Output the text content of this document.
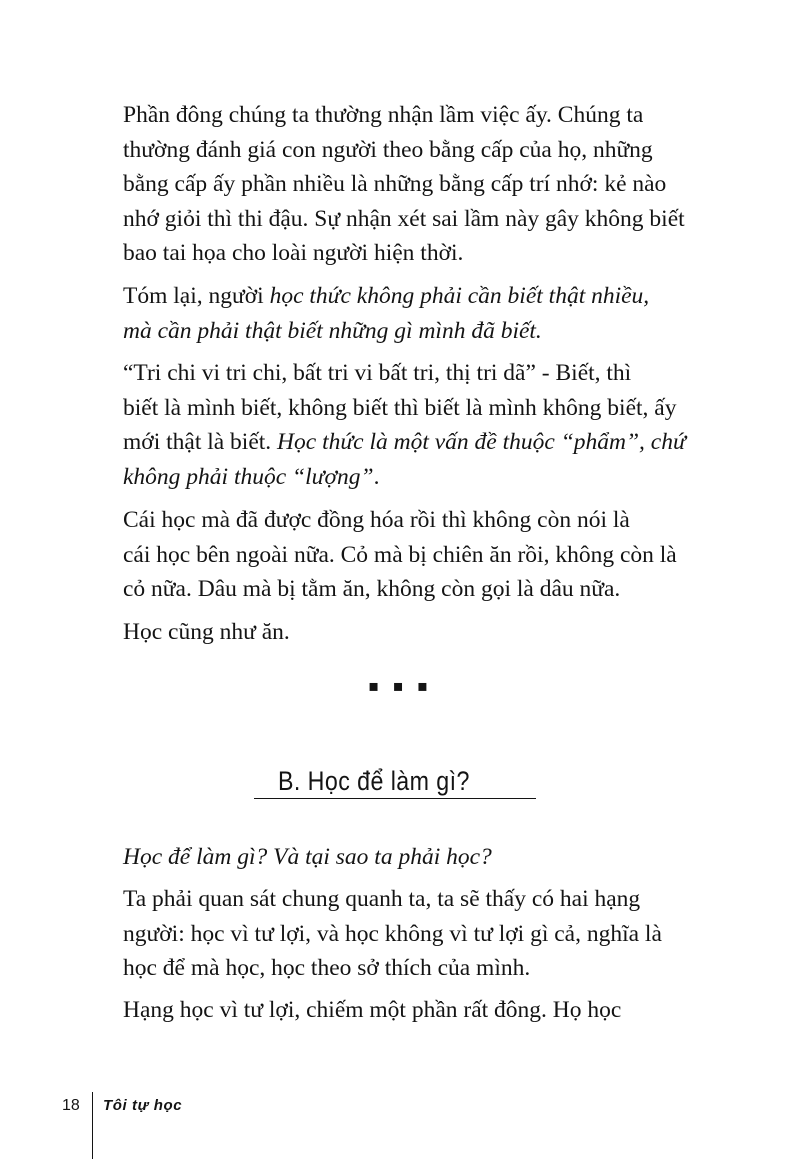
Phần đông chúng ta thường nhận lầm việc ấy. Chúng ta
thường đánh giá con người theo bằng cấp của họ, những
bằng cấp ấy phần nhiều là những bằng cấp trí nhớ: kẻ nào
nhớ giỏi thì thi đậu. Sự nhận xét sai lầm này gây không biết
bao tai họa cho loài người hiện thời.

Tóm lại, người học thức không phải cần biết thật nhiều,
mà cần phải thật biết những gì mình đã biết.

“Tri chi vi tri chi, bất tri vi bất tri, thị tri dã” - Biết, thì
biết là mình biết, không biết thì biết là mình không biết, ấy
mới thật là biết. Học thức là một vấn đề thuộc “phẩm”, chứ
không phải thuộc “lượng”.

Cái học mà đã được đồng hóa rồi thì không còn nói là
cái học bên ngoài nữa. Cỏ mà bị chiên ăn rồi, không còn là
cỏ nữa. Dâu mà bị tằm ăn, không còn gọi là dâu nữa.

Học cũng như ăn.

▪ ▪ ▪
B. Học để làm gì?

Học để làm gì? Và tại sao ta phải học?

Ta phải quan sát chung quanh ta, ta sẽ thấy có hai hạng
người: học vì tư lợi, và học không vì tư lợi gì cả, nghĩa là
học để mà học, học theo sở thích của mình.

Hạng học vì tư lợi, chiếm một phần rất đông. Họ học

18 Tôi tự học
